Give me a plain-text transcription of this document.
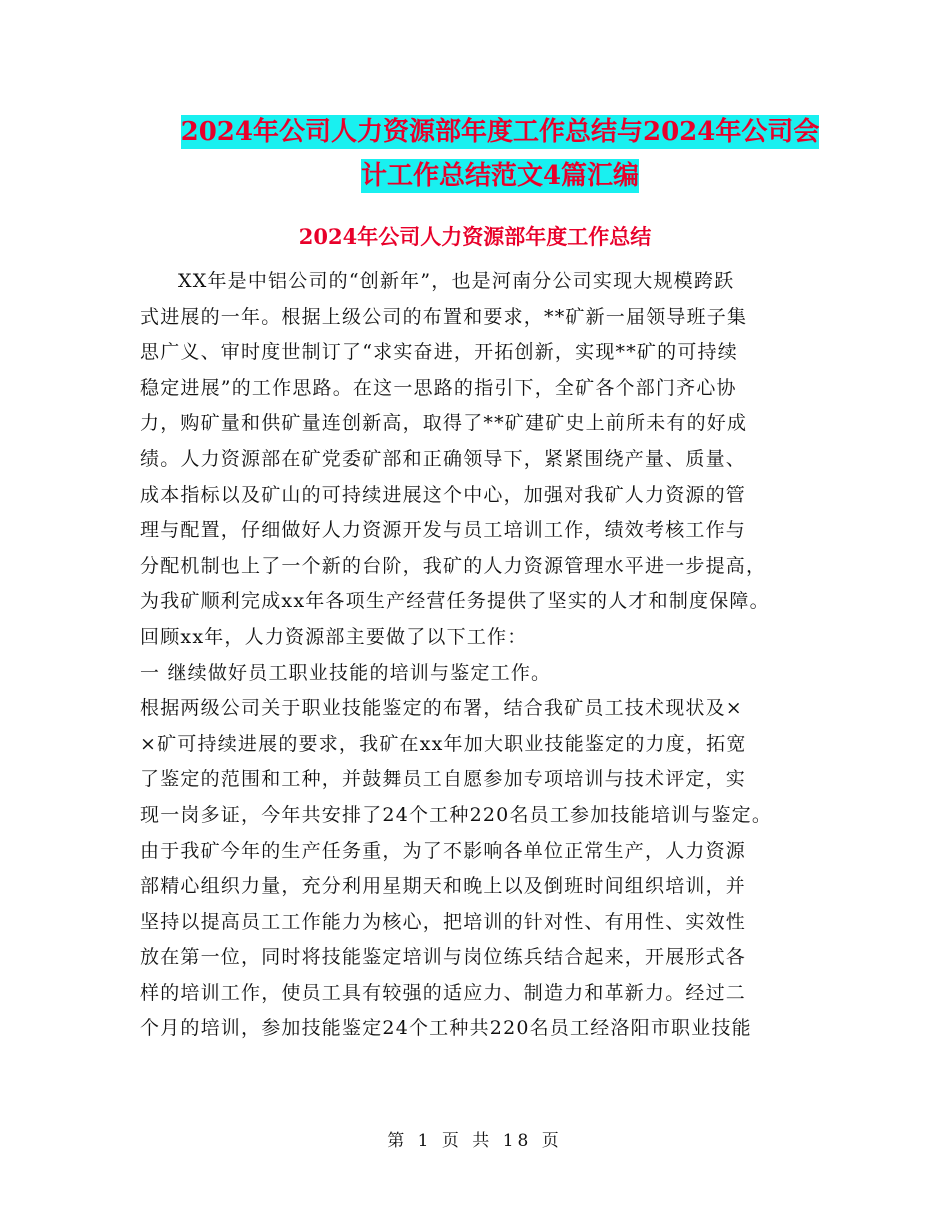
2024年公司人力资源部年度工作总结与2024年公司会
计工作总结范文4篇汇编
2024年公司人力资源部年度工作总结
XX年是中铝公司的“创新年”，也是河南分公司实现大规模跨跃
式进展的一年。根据上级公司的布置和要求，**矿新一届领导班子集
思广义、审时度世制订了“求实奋进，开拓创新，实现**矿的可持续
稳定进展”的工作思路。在这一思路的指引下，全矿各个部门齐心协
力，购矿量和供矿量连创新高，取得了**矿建矿史上前所未有的好成
绩。人力资源部在矿党委矿部和正确领导下，紧紧围绕产量、质量、
成本指标以及矿山的可持续进展这个中心，加强对我矿人力资源的管
理与配置，仔细做好人力资源开发与员工培训工作，绩效考核工作与
分配机制也上了一个新的台阶，我矿的人力资源管理水平进一步提高，
为我矿顺利完成xx年各项生产经营任务提供了坚实的人才和制度保障。
回顾xx年，人力资源部主要做了以下工作：
一 继续做好员工职业技能的培训与鉴定工作。
根据两级公司关于职业技能鉴定的布署，结合我矿员工技术现状及×
×矿可持续进展的要求，我矿在xx年加大职业技能鉴定的力度，拓宽
了鉴定的范围和工种，并鼓舞员工自愿参加专项培训与技术评定，实
现一岗多证，今年共安排了24个工种220名员工参加技能培训与鉴定。
由于我矿今年的生产任务重，为了不影响各单位正常生产，人力资源
部精心组织力量，充分利用星期天和晚上以及倒班时间组织培训，并
坚持以提高员工工作能力为核心，把培训的针对性、有用性、实效性
放在第一位，同时将技能鉴定培训与岗位练兵结合起来，开展形式各
样的培训工作，使员工具有较强的适应力、制造力和革新力。经过二
个月的培训，参加技能鉴定24个工种共220名员工经洛阳市职业技能
第 1 页 共 18 页
